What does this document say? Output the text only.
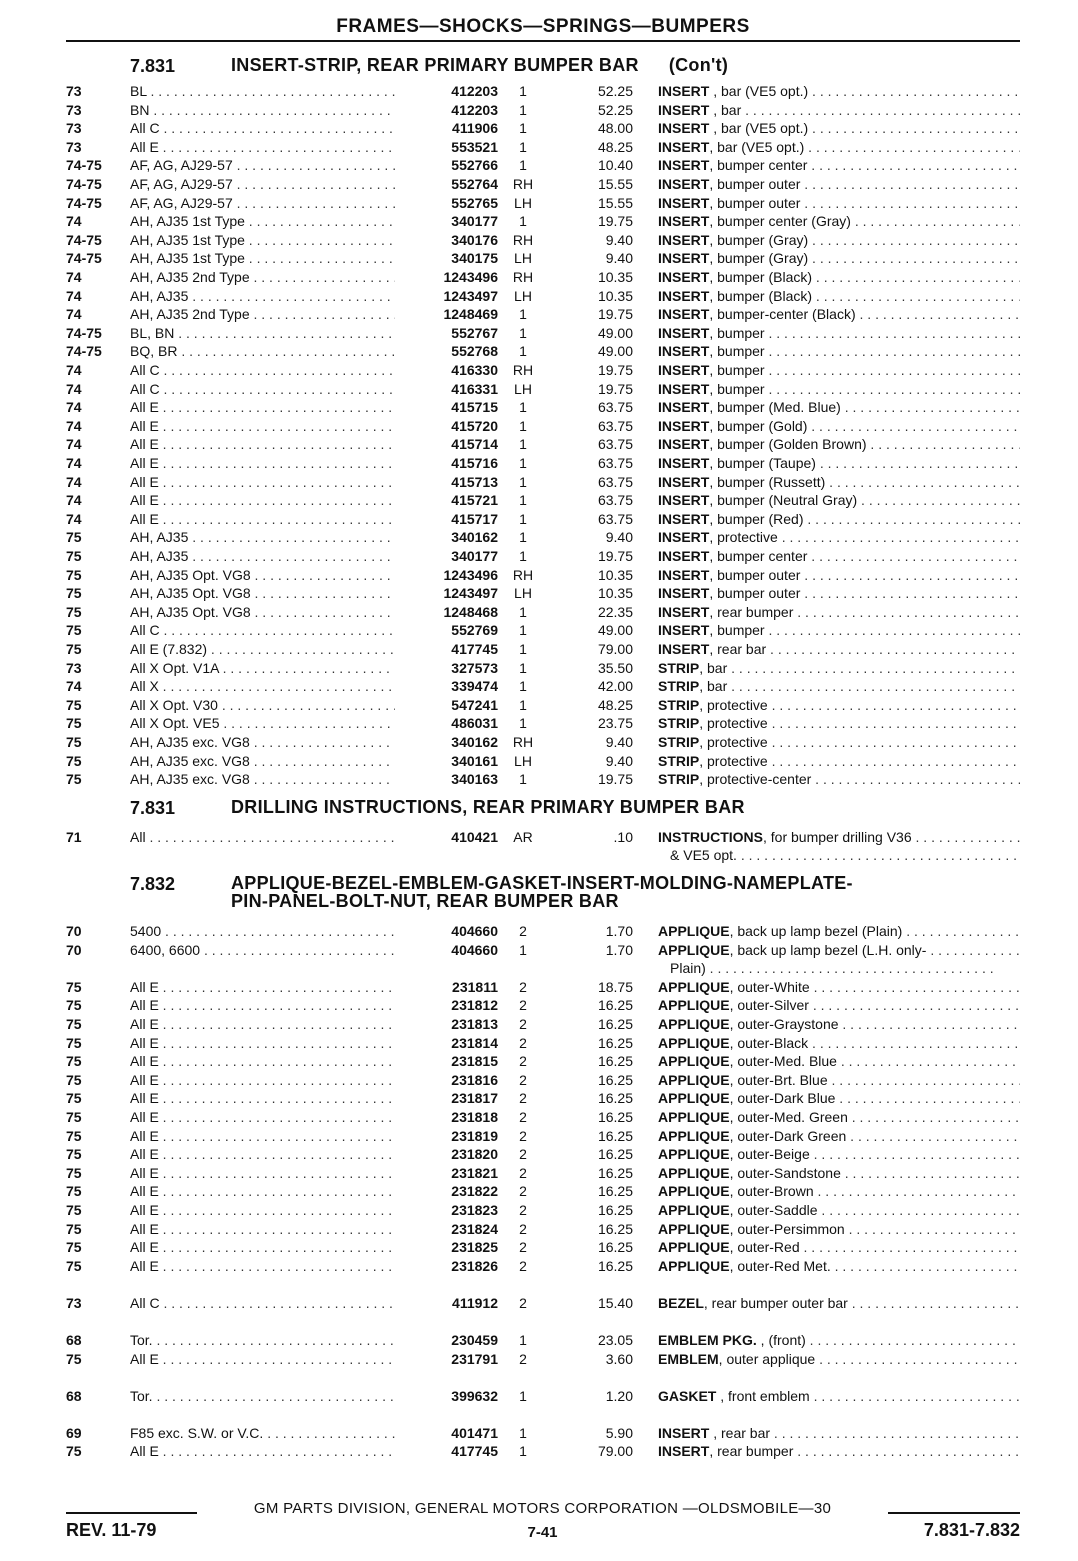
FRAMES—SHOCKS—SPRINGS—BUMPERS
7.831	INSERT-STRIP, REAR PRIMARY BUMPER BAR (Con't)
73	BL . . .	412203	1	52.25 INSERT , bar (VE5 opt.) . . .
73	BN . . .	412203	1	52.25 INSERT , bar . . .
73	All C . . .	411906	1	48.00 INSERT , bar (VE5 opt.) . . .
73	All E . . .	553521	1	48.25 INSERT, bar (VE5 opt.) . . .
74-75 AF, AG, AJ29-57 . . .	552766	1	10.40 INSERT, bumper center . . .
74-75 AF, AG, AJ29-57 . . .	552764 RH	15.55 INSERT, bumper outer . . .
74-75 AF, AG, AJ29-57 . . .	552765 LH	15.55 INSERT, bumper outer . . .
74	AH, AJ35 1st Type . . .	340177	1	19.75 INSERT, bumper center (Gray) . . .
74-75 AH, AJ35 1st Type . . .	340176 RH	9.40 INSERT, bumper (Gray) . . .
74-75 AH, AJ35 1st Type . . .	340175 LH	9.40 INSERT, bumper (Gray) . . .
74	AH, AJ35 2nd Type . . .	1243496 RH	10.35 INSERT, bumper (Black) . . .
74	AH, AJ35 . . .	1243497 LH	10.35 INSERT, bumper (Black) . . .
74	AH, AJ35 2nd Type . . .	1248469	1	19.75 INSERT, bumper-center (Black) . . .
74-75 BL, BN . . .	552767	1	49.00 INSERT, bumper . . .
74-75 BQ, BR . . .	552768	1	49.00 INSERT, bumper . . .
74	All C . . .	416330 RH	19.75 INSERT, bumper . . .
74	All C . . .	416331 LH	19.75 INSERT, bumper . . .
74	All E . . .	415715	1	63.75 INSERT, bumper (Med. Blue) . . .
74	All E . . .	415720	1	63.75 INSERT, bumper (Gold) . . .
74	All E . . .	415714	1	63.75 INSERT, bumper (Golden Brown) . . .
74	All E . . .	415716	1	63.75 INSERT, bumper (Taupe) . . .
74	All E . . .	415713	1	63.75 INSERT, bumper (Russett) . . .
74	All E . . .	415721	1	63.75 INSERT, bumper (Neutral Gray) . . .
74	All E . . .	415717	1	63.75 INSERT, bumper (Red) . . .
75	AH, AJ35 . . .	340162	1	9.40 INSERT, protective . . .
75	AH, AJ35 . . .	340177	1	19.75 INSERT, bumper center . . .
75	AH, AJ35 Opt. VG8 . . .	1243496 RH	10.35 INSERT, bumper outer . . .
75	AH, AJ35 Opt. VG8 . . .	1243497 LH	10.35 INSERT, bumper outer . . .
75	AH, AJ35 Opt. VG8 . . .	1248468	1	22.35 INSERT, rear bumper . . .
75	All C . . .	552769	1	49.00 INSERT, bumper . . .
75	All E (7.832) . . .	417745	1	79.00 INSERT, rear bar . . .
73	All X Opt. V1A . . .	327573	1	35.50 STRIP, bar . . .
74	All X . . .	339474	1	42.00 STRIP, bar . . .
75	All X Opt. V30 . . .	547241	1	48.25 STRIP, protective . . .
75	All X Opt. VE5 . . .	486031	1	23.75 STRIP, protective . . .
75	AH, AJ35 exc. VG8 . . .	340162 RH	9.40 STRIP, protective . . .
75	AH, AJ35 exc. VG8 . . .	340161 LH	9.40 STRIP, protective . . .
75	AH, AJ35 exc. VG8 . . .	340163	1	19.75 STRIP, protective-center . . .
7.831	DRILLING INSTRUCTIONS, REAR PRIMARY BUMPER BAR
71	All . . .	410421 AR	.10 INSTRUCTIONS, for bumper drilling V36 . . .
& VE5 opt. . . .
7.832	APPLIQUE-BEZEL-EMBLEM-GASKET-INSERT-MOLDING-NAMEPLATE-
PIN-PANEL-BOLT-NUT, REAR BUMPER BAR
70	5400 . . .	404660	2	1.70 APPLIQUE, back up lamp bezel (Plain) . . .
70	6400, 6600 . . .	404660	1	1.70 APPLIQUE, back up lamp bezel (L.H. only- . . .
Plain) . . .
75	All E . . .	231811	2	18.75 APPLIQUE, outer-White . . .
75	All E . . .	231812	2	16.25 APPLIQUE, outer-Silver . . .
75	All E . . .	231813	2	16.25 APPLIQUE, outer-Graystone . . .
75	All E . . .	231814	2	16.25 APPLIQUE, outer-Black . . .
75	All E . . .	231815	2	16.25 APPLIQUE, outer-Med. Blue . . .
75	All E . . .	231816	2	16.25 APPLIQUE, outer-Brt. Blue . . .
75	All E . . .	231817	2	16.25 APPLIQUE, outer-Dark Blue . . .
75	All E . . .	231818	2	16.25 APPLIQUE, outer-Med. Green . . .
75	All E . . .	231819	2	16.25 APPLIQUE, outer-Dark Green . . .
75	All E . . .	231820	2	16.25 APPLIQUE, outer-Beige . . .
75	All E . . .	231821	2	16.25 APPLIQUE, outer-Sandstone . . .
75	All E . . .	231822	2	16.25 APPLIQUE, outer-Brown . . .
75	All E . . .	231823	2	16.25 APPLIQUE, outer-Saddle . . .
75	All E . . .	231824	2	16.25 APPLIQUE, outer-Persimmon . . .
75	All E . . .	231825	2	16.25 APPLIQUE, outer-Red . . .
75	All E . . .	231826	2	16.25 APPLIQUE, outer-Red Met. . . .
73	All C . . .	411912	2	15.40 BEZEL, rear bumper outer bar . . .
68	Tor. . . .	230459	1	23.05 EMBLEM PKG. , (front) . . .
75	All E . . .	231791	2	3.60 EMBLEM, outer applique . . .
68	Tor. . . .	399632	1	1.20 GASKET , front emblem . . .
69	F85 exc. S.W. or V.C. . . .	401471	1	5.90 INSERT , rear bar . . .
75	All E . . .	417745	1	79.00 INSERT, rear bumper . . .
GM PARTS DIVISION, GENERAL MOTORS CORPORATION —OLDSMOBILE—30
7-41
REV. 11-79	7.831-7.832
